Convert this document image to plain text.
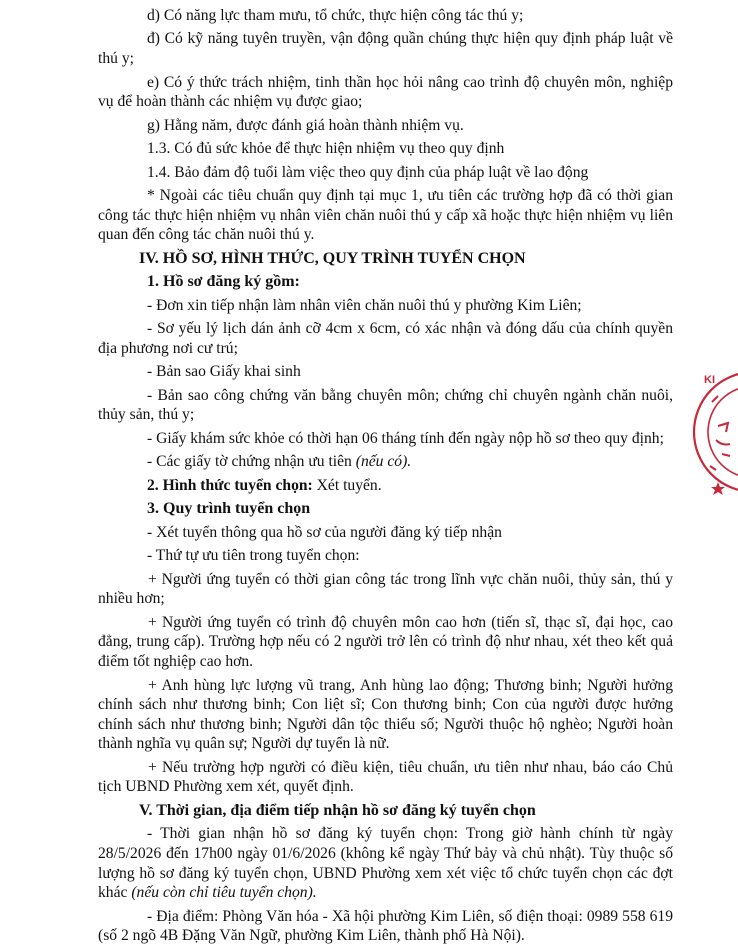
d) Có năng lực tham mưu, tổ chức, thực hiện công tác thú y;

đ) Có kỹ năng tuyên truyền, vận động quần chúng thực hiện quy định pháp luật về thú y;

e) Có ý thức trách nhiệm, tinh thần học hỏi nâng cao trình độ chuyên môn, nghiệp vụ để hoàn thành các nhiệm vụ được giao;

g) Hằng năm, được đánh giá hoàn thành nhiệm vụ.

1.3. Có đủ sức khỏe để thực hiện nhiệm vụ theo quy định

1.4. Bảo đảm độ tuổi làm việc theo quy định của pháp luật về lao động

* Ngoài các tiêu chuẩn quy định tại mục 1, ưu tiên các trường hợp đã có thời gian công tác thực hiện nhiệm vụ nhân viên chăn nuôi thú y cấp xã hoặc thực hiện nhiệm vụ liên quan đến công tác chăn nuôi thú y.

IV. HỒ SƠ, HÌNH THỨC, QUY TRÌNH TUYỂN CHỌN

1. Hồ sơ đăng ký gồm:

- Đơn xin tiếp nhận làm nhân viên chăn nuôi thú y phường Kim Liên;

- Sơ yếu lý lịch dán ảnh cỡ 4cm x 6cm, có xác nhận và đóng dấu của chính quyền địa phương nơi cư trú;

- Bản sao Giấy khai sinh

- Bản sao công chứng văn bằng chuyên môn; chứng chỉ chuyên ngành chăn nuôi, thủy sản, thú y;

- Giấy khám sức khỏe có thời hạn 06 tháng tính đến ngày nộp hồ sơ theo quy định;

- Các giấy tờ chứng nhận ưu tiên (nếu có).

2. Hình thức tuyển chọn: Xét tuyển.

3. Quy trình tuyển chọn

- Xét tuyển thông qua hồ sơ của người đăng ký tiếp nhận

- Thứ tự ưu tiên trong tuyển chọn:

+ Người ứng tuyển có thời gian công tác trong lĩnh vực chăn nuôi, thủy sản, thú y nhiều hơn;

+ Người ứng tuyển có trình độ chuyên môn cao hơn (tiến sĩ, thạc sĩ, đại học, cao đẳng, trung cấp). Trường hợp nếu có 2 người trở lên có trình độ như nhau, xét theo kết quả điểm tốt nghiệp cao hơn.

+ Anh hùng lực lượng vũ trang, Anh hùng lao động; Thương binh; Người hưởng chính sách như thương binh; Con liệt sĩ; Con thương binh; Con của người được hưởng chính sách như thương binh; Người dân tộc thiểu số; Người thuộc hộ nghèo; Người hoàn thành nghĩa vụ quân sự; Người dự tuyển là nữ.

+ Nếu trường hợp người có điều kiện, tiêu chuẩn, ưu tiên như nhau, báo cáo Chủ tịch UBND Phường xem xét, quyết định.

V. Thời gian, địa điểm tiếp nhận hồ sơ đăng ký tuyển chọn

- Thời gian nhận hồ sơ đăng ký tuyển chọn: Trong giờ hành chính từ ngày 28/5/2026 đến 17h00 ngày 01/6/2026 (không kể ngày Thứ bảy và chủ nhật). Tùy thuộc số lượng hồ sơ đăng ký tuyển chọn, UBND Phường xem xét việc tổ chức tuyển chọn các đợt khác (nếu còn chỉ tiêu tuyển chọn).

- Địa điểm: Phòng Văn hóa - Xã hội phường Kim Liên, số điện thoại: 0989 558 619 (số 2 ngõ 4B Đặng Văn Ngữ, phường Kim Liên, thành phố Hà Nội).

KI
